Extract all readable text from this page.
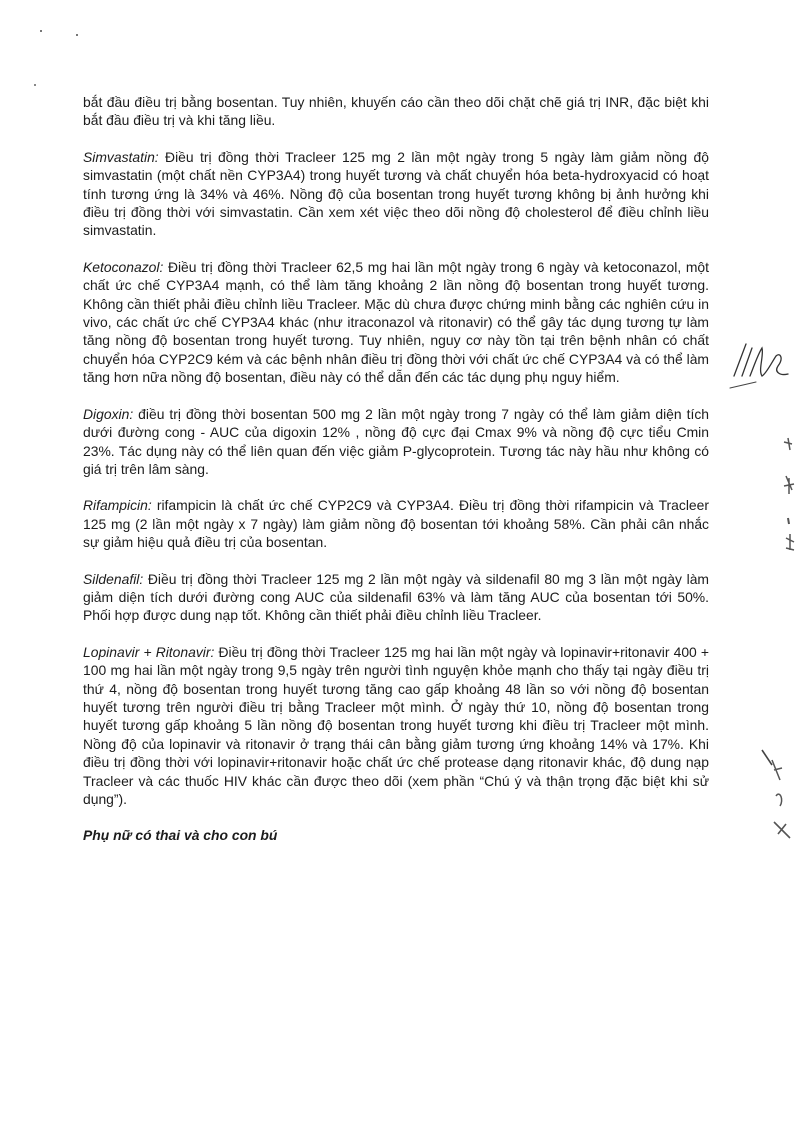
bắt đầu điều trị bằng bosentan. Tuy nhiên, khuyến cáo cần theo dõi chặt chẽ giá trị INR, đặc biệt khi bắt đầu điều trị và khi tăng liều.

Simvastatin: Điều trị đồng thời Tracleer 125 mg 2 lần một ngày trong 5 ngày làm giảm nồng độ simvastatin (một chất nền CYP3A4) trong huyết tương và chất chuyển hóa beta-hydroxyacid có hoạt tính tương ứng là 34% và 46%. Nồng độ của bosentan trong huyết tương không bị ảnh hưởng khi điều trị đồng thời với simvastatin. Cần xem xét việc theo dõi nồng độ cholesterol để điều chỉnh liều simvastatin.

Ketoconazol: Điều trị đồng thời Tracleer 62,5 mg hai lần một ngày trong 6 ngày và ketoconazol, một chất ức chế CYP3A4 mạnh, có thể làm tăng khoảng 2 lần nồng độ bosentan trong huyết tương. Không cần thiết phải điều chỉnh liều Tracleer. Mặc dù chưa được chứng minh bằng các nghiên cứu in vivo, các chất ức chế CYP3A4 khác (như itraconazol và ritonavir) có thể gây tác dụng tương tự làm tăng nồng độ bosentan trong huyết tương. Tuy nhiên, nguy cơ này tồn tại trên bệnh nhân có chất chuyển hóa CYP2C9 kém và các bệnh nhân điều trị đồng thời với chất ức chế CYP3A4 và có thể làm tăng hơn nữa nồng độ bosentan, điều này có thể dẫn đến các tác dụng phụ nguy hiểm.

Digoxin: điều trị đồng thời bosentan 500 mg 2 lần một ngày trong 7 ngày có thể làm giảm diện tích dưới đường cong - AUC của digoxin 12% , nồng độ cực đại Cmax 9% và nồng độ cực tiểu Cmin 23%. Tác dụng này có thể liên quan đến việc giảm P-glycoprotein. Tương tác này hầu như không có giá trị trên lâm sàng.

Rifampicin: rifampicin là chất ức chế CYP2C9 và CYP3A4. Điều trị đồng thời rifampicin và Tracleer 125 mg (2 lần một ngày x 7 ngày) làm giảm nồng độ bosentan tới khoảng 58%. Cần phải cân nhắc sự giảm hiệu quả điều trị của bosentan.

Sildenafil: Điều trị đồng thời Tracleer 125 mg 2 lần một ngày và sildenafil 80 mg 3 lần một ngày làm giảm diện tích dưới đường cong AUC của sildenafil 63% và làm tăng AUC của bosentan tới 50%. Phối hợp được dung nạp tốt. Không cần thiết phải điều chỉnh liều Tracleer.

Lopinavir + Ritonavir: Điều trị đồng thời Tracleer 125 mg hai lần một ngày và lopinavir+ritonavir 400 + 100 mg hai lần một ngày trong 9,5 ngày trên người tình nguyện khỏe mạnh cho thấy tại ngày điều trị thứ 4, nồng độ bosentan trong huyết tương tăng cao gấp khoảng 48 lần so với nồng độ bosentan huyết tương trên người điều trị bằng Tracleer một mình. Ở ngày thứ 10, nồng độ bosentan trong huyết tương gấp khoảng 5 lần nồng độ bosentan trong huyết tương khi điều trị Tracleer một mình. Nồng độ của lopinavir và ritonavir ở trạng thái cân bằng giảm tương ứng khoảng 14% và 17%. Khi điều trị đồng thời với lopinavir+ritonavir hoặc chất ức chế protease dạng ritonavir khác, độ dung nạp Tracleer và các thuốc HIV khác cần được theo dõi (xem phần “Chú ý và thận trọng đặc biệt khi sử dụng”).

Phụ nữ có thai và cho con bú
